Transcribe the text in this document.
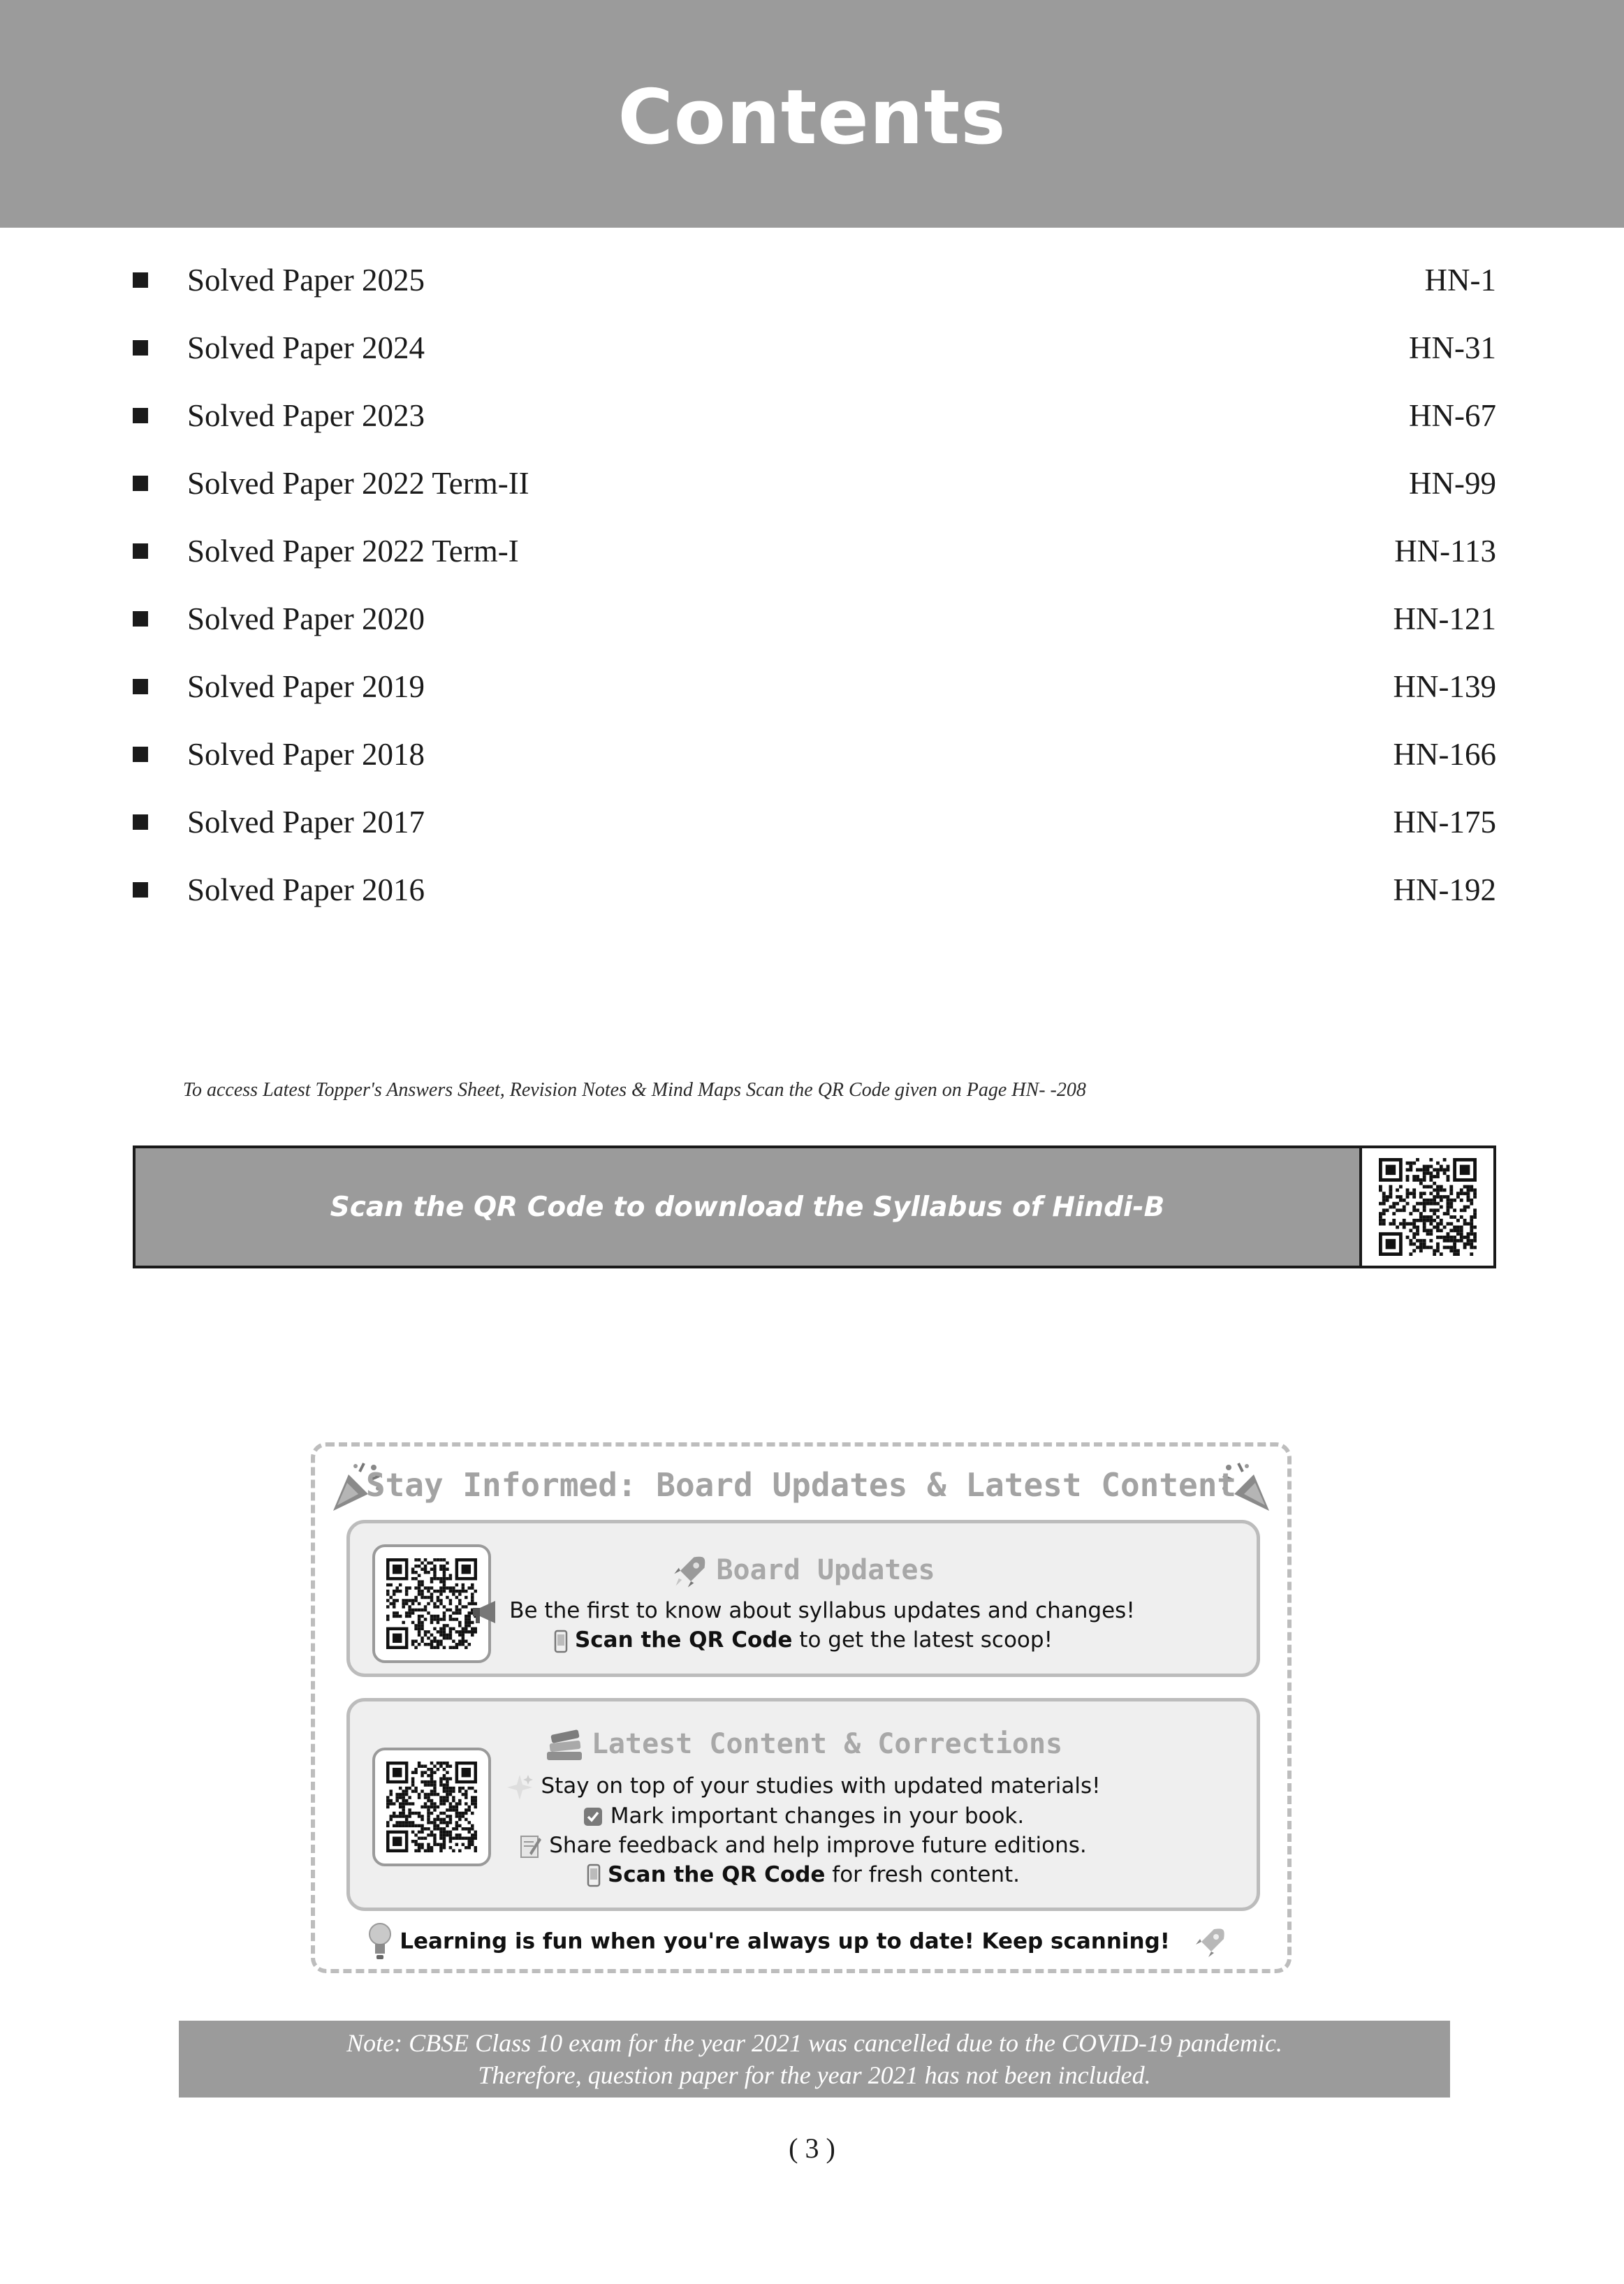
Contents
Solved Paper 2025	HN-1
Solved Paper 2024	HN-31
Solved Paper 2023	HN-67
Solved Paper 2022 Term-II	HN-99
Solved Paper 2022 Term-I	HN-113
Solved Paper 2020	HN-121
Solved Paper 2019	HN-139
Solved Paper 2018	HN-166
Solved Paper 2017	HN-175
Solved Paper 2016	HN-192
To access Latest Topper's Answers Sheet, Revision Notes & Mind Maps Scan the QR Code given on Page HN- -208
Scan the QR Code to download the Syllabus of Hindi-B
Stay Informed: Board Updates & Latest Content
Board Updates
Be the first to know about syllabus updates and changes!
Scan the QR Code to get the latest scoop!
Latest Content & Corrections
Stay on top of your studies with updated materials!
Mark important changes in your book.
Share feedback and help improve future editions.
Scan the QR Code for fresh content.
Learning is fun when you're always up to date! Keep scanning!
Note: CBSE Class 10 exam for the year 2021 was cancelled due to the COVID-19 pandemic.
Therefore, question paper for the year 2021 has not been included.
( 3 )
